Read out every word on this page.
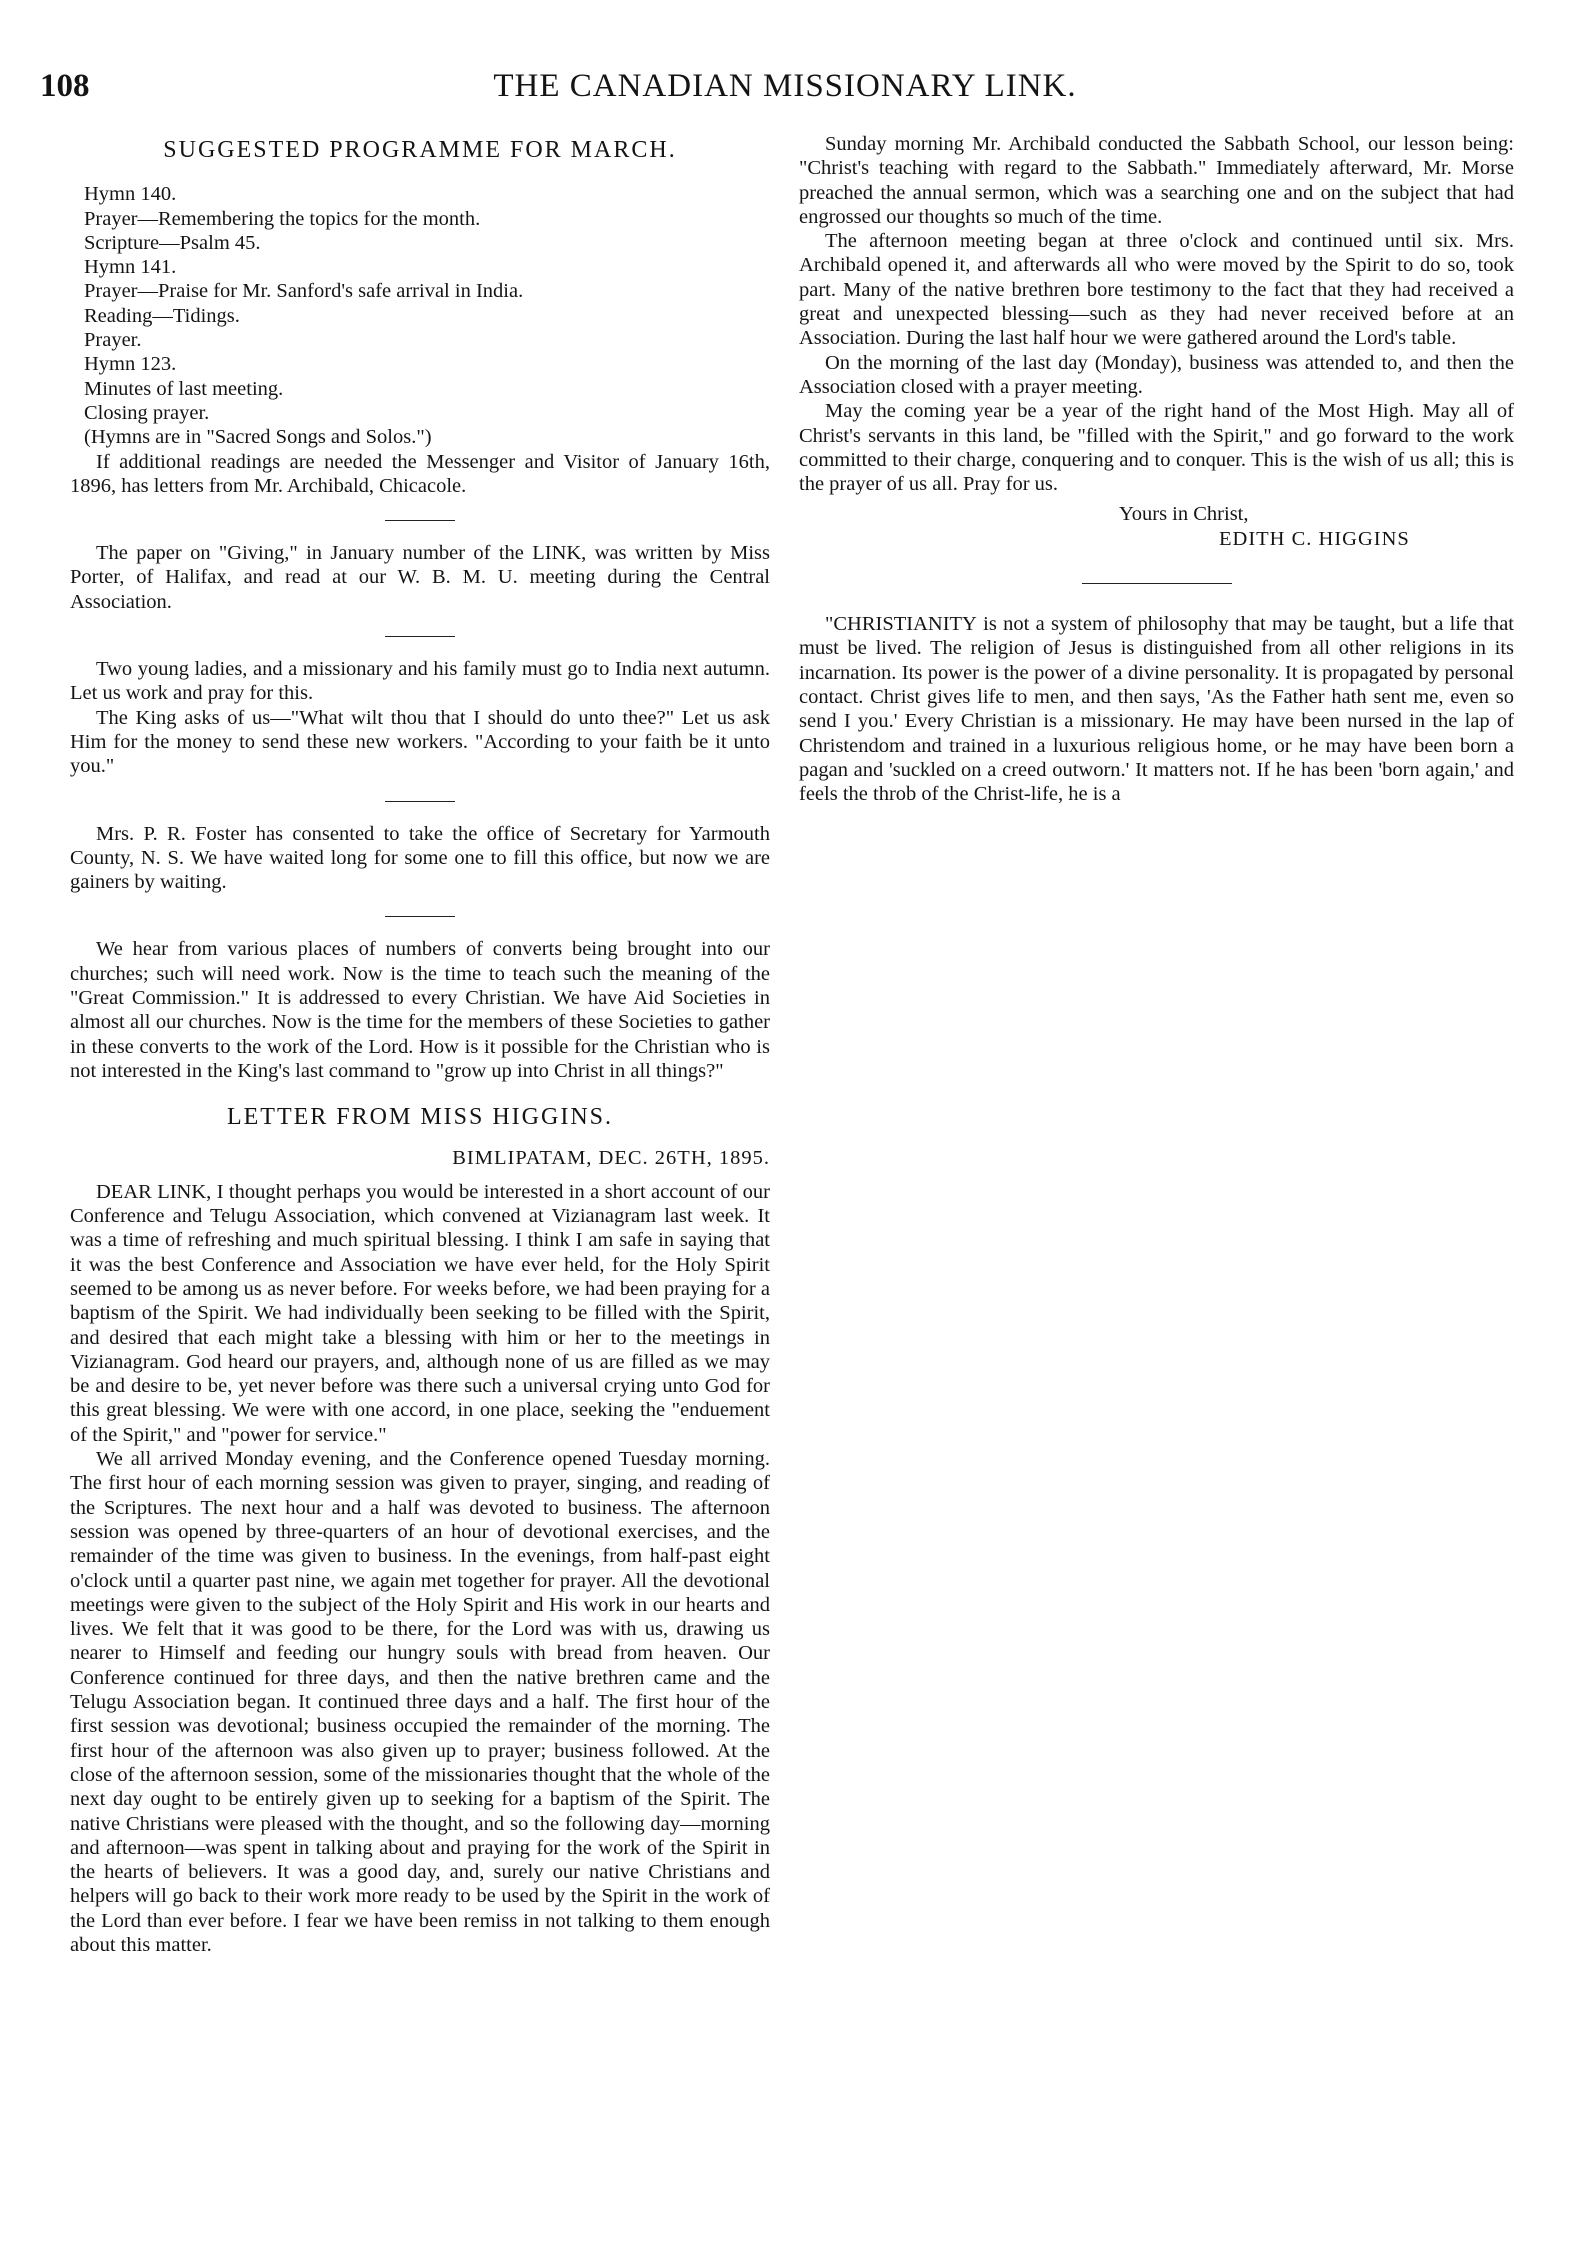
108	THE CANADIAN MISSIONARY LINK.
SUGGESTED PROGRAMME FOR MARCH.

Hymn 140.

Prayer—Remembering the topics for the month.

Scripture—Psalm 45.

Hymn 141.

Prayer—Praise for Mr. Sanford's safe arrival in India.

Reading—Tidings.

Prayer.

Hymn 123.

Minutes of last meeting.

Closing prayer.

(Hymns are in "Sacred Songs and Solos.")

If additional readings are needed the Messenger and Visitor of January 16th, 1896, has letters from Mr. Archibald, Chicacole.

The paper on "Giving," in January number of the LINK, was written by Miss Porter, of Halifax, and read at our W. B. M. U. meeting during the Central Association.

Two young ladies, and a missionary and his family must go to India next autumn. Let us work and pray for this.

The King asks of us—"What wilt thou that I should do unto thee?" Let us ask Him for the money to send these new workers. "According to your faith be it unto you."

Mrs. P. R. Foster has consented to take the office of Secretary for Yarmouth County, N. S. We have waited long for some one to fill this office, but now we are gainers by waiting.

We hear from various places of numbers of converts being brought into our churches; such will need work. Now is the time to teach such the meaning of the "Great Commission." It is addressed to every Christian. We have Aid Societies in almost all our churches. Now is the time for the members of these Societies to gather in these converts to the work of the Lord. How is it possible for the Christian who is not interested in the King's last command to "grow up into Christ in all things?"

LETTER FROM MISS HIGGINS.
BIMLIPATAM, DEC. 26TH, 1895.

DEAR LINK, I thought perhaps you would be interested in a short account of our Conference and Telugu Association, which convened at Vizianagram last week. It was a time of refreshing and much spiritual blessing. I think I am safe in saying that it was the best Conference and Association we have ever held, for the Holy Spirit seemed to be among us as never before. For weeks before, we had been praying for a baptism of the Spirit. We had individually been seeking to be filled with the Spirit, and desired that each might take a blessing with him or her to the meetings in Vizianagram. God heard our prayers, and, although none of us are filled as we may be and desire to be, yet never before was there such a universal crying unto God for this great blessing. We were with one accord, in one place, seeking the "enduement of the Spirit," and "power for service."

We all arrived Monday evening, and the Conference opened Tuesday morning. The first hour of each morning session was given to prayer, singing, and reading of the Scriptures. The next hour and a half was devoted to business. The afternoon session was opened by three-quarters of an hour of devotional exercises, and the remainder of the time was given to business. In the evenings, from half-past eight o'clock until a quarter past nine, we again met together for prayer. All the devotional meetings were given to the subject of the Holy Spirit and His work in our hearts and lives. We felt that it was good to be there, for the Lord was with us, drawing us nearer to Himself and feeding our hungry souls with bread from heaven. Our Conference continued for three days, and then the native brethren came and the Telugu Association began. It continued three days and a half. The first hour of the first session was devotional; business occupied the remainder of the morning. The first hour of the afternoon was also given up to prayer; business followed. At the close of the afternoon session, some of the missionaries thought that the whole of the next day ought to be entirely given up to seeking for a baptism of the Spirit. The native Christians were pleased with the thought, and so the following day—morning and afternoon—was spent in talking about and praying for the work of the Spirit in the hearts of believers. It was a good day, and, surely our native Christians and helpers will go back to their work more ready to be used by the Spirit in the work of the Lord than ever before. I fear we have been remiss in not talking to them enough about this matter.

Sunday morning Mr. Archibald conducted the Sabbath School, our lesson being: "Christ's teaching with regard to the Sabbath." Immediately afterward, Mr. Morse preached the annual sermon, which was a searching one and on the subject that had engrossed our thoughts so much of the time.

The afternoon meeting began at three o'clock and continued until six. Mrs. Archibald opened it, and afterwards all who were moved by the Spirit to do so, took part. Many of the native brethren bore testimony to the fact that they had received a great and unexpected blessing—such as they had never received before at an Association. During the last half hour we were gathered around the Lord's table.

On the morning of the last day (Monday), business was attended to, and then the Association closed with a prayer meeting.

May the coming year be a year of the right hand of the Most High. May all of Christ's servants in this land, be "filled with the Spirit," and go forward to the work committed to their charge, conquering and to conquer. This is the wish of us all; this is the prayer of us all. Pray for us.

Yours in Christ,
EDITH C. HIGGINS

"CHRISTIANITY is not a system of philosophy that may be taught, but a life that must be lived. The religion of Jesus is distinguished from all other religions in its incarnation. Its power is the power of a divine personality. It is propagated by personal contact. Christ gives life to men, and then says, 'As the Father hath sent me, even so send I you.' Every Christian is a missionary. He may have been nursed in the lap of Christendom and trained in a luxurious religious home, or he may have been born a pagan and 'suckled on a creed outworn.' It matters not. If he has been 'born again,' and feels the throb of the Christ-life, he is a
